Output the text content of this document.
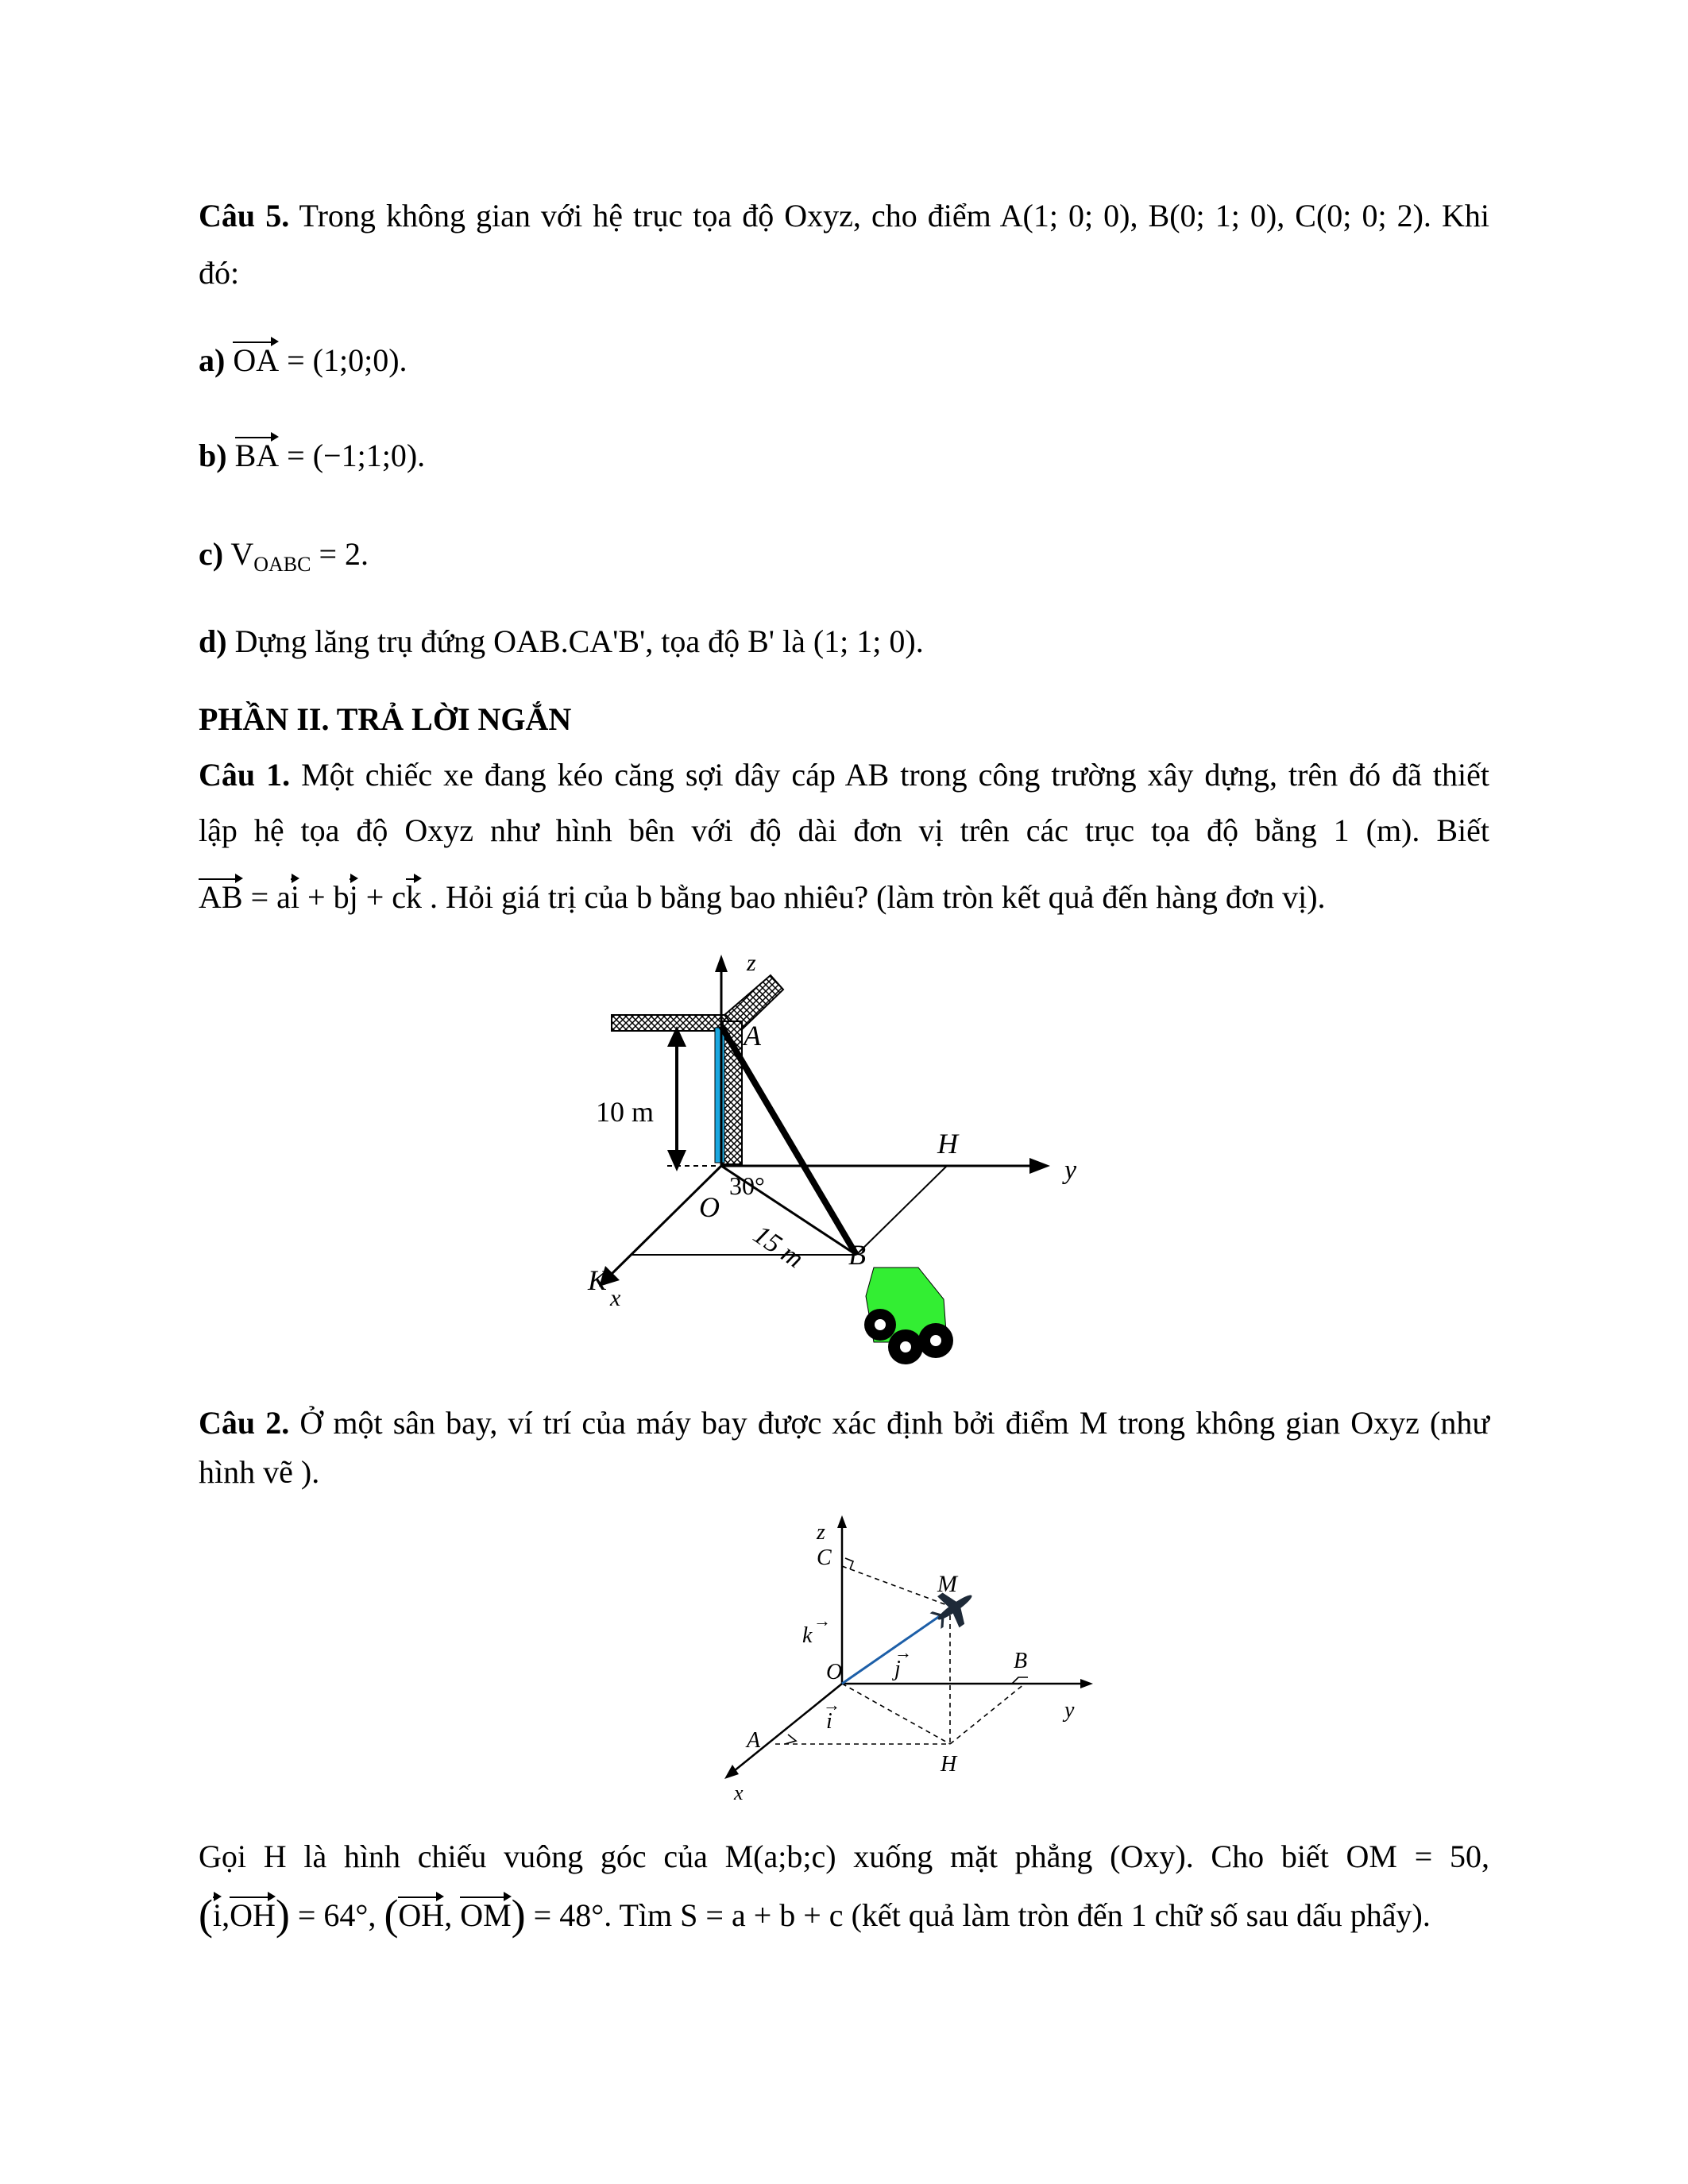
Câu 5. Trong không gian với hệ trục tọa độ Oxyz, cho điểm A(1; 0; 0), B(0; 1; 0), C(0; 0; 2). Khi
đó:
a) OA = (1;0;0).
b) BA = (−1;1;0).
c) $V_{OABC} = 2$.
d) Dựng lăng trụ đứng OAB.CA'B', tọa độ B' là (1; 1; 0).
PHẦN II. TRẢ LỜI NGẮN
Câu 1. Một chiếc xe đang kéo căng sợi dây cáp AB trong công trường xây dựng, trên đó đã thiết
lập hệ tọa độ Oxyz như hình bên với độ dài đơn vị trên các trục tọa độ bằng 1 (m). Biết
AB = ai + bj + ck . Hỏi giá trị của b bằng bao nhiêu? (làm tròn kết quả đến hàng đơn vị).
z
A
10 m
y
H
x
K
30°
O
15 m B
Câu 2. Ở một sân bay, ví trí của máy bay được xác định bởi điểm M trong không gian Oxyz (như
hình vẽ ).
z
C
y
x
O
k
→
j
→
i
→
B
A
H
M
Gọi H là hình chiếu vuông góc của M(a;b;c) xuống mặt phẳng (Oxy). Cho biết OM = 50,
(i,OH) = 64°, (OH, OM) = 48°. Tìm S = a + b + c (kết quả làm tròn đến 1 chữ số sau dấu phẩy).
